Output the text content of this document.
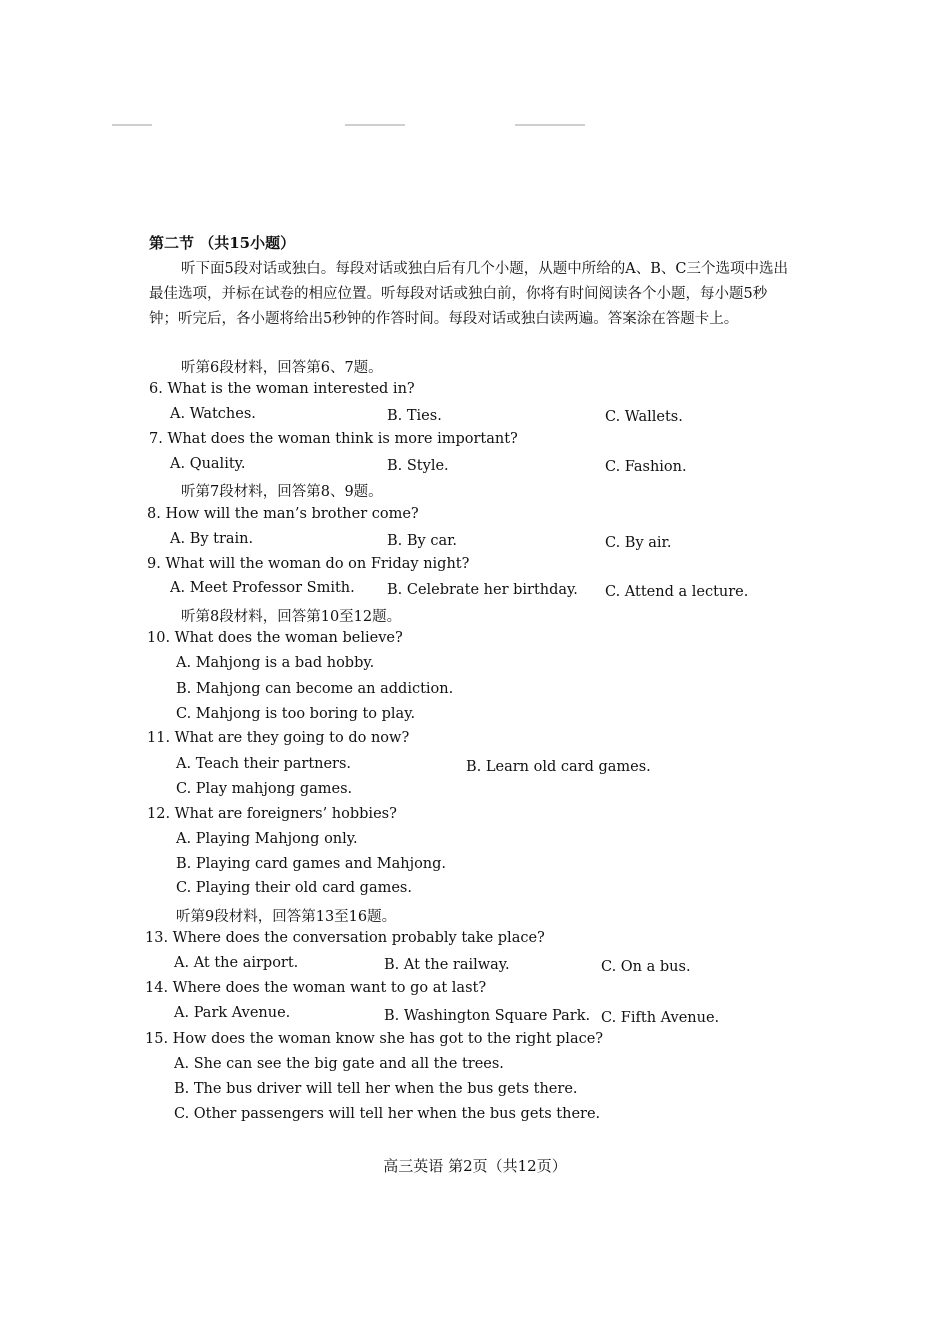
第二节 （共15小题）
听下面5段对话或独白。每段对话或独白后有几个小题，从题中所给的A、B、C三个选项中选出最佳选项，并标在试卷的相应位置。听每段对话或独白前，你将有时间阅读各个小题，每小题5秒钟；听完后，各小题将给出5秒钟的作答时间。每段对话或独白读两遍。答案涂在答题卡上。
听第6段材料，回答第6、7题。
6. What is the woman interested in?
A. Watches.	B. Ties.	C. Wallets.
7. What does the woman think is more important?
A. Quality.	B. Style.	C. Fashion.
听第7段材料，回答第8、9题。
8. How will the man’s brother come?
A. By train.	B. By car.	C. By air.
9. What will the woman do on Friday night?
A. Meet Professor Smith. B. Celebrate her birthday. C. Attend a lecture.
听第8段材料，回答第10至12题。
10. What does the woman believe?
A. Mahjong is a bad hobby.
B. Mahjong can become an addiction.
C. Mahjong is too boring to play.
11. What are they going to do now?
A. Teach their partners.	B. Learn old card games.
C. Play mahjong games.
12. What are foreigners’ hobbies?
A. Playing Mahjong only.
B. Playing card games and Mahjong.
C. Playing their old card games.
听第9段材料，回答第13至16题。
13. Where does the conversation probably take place?
A. At the airport.	B. At the railway.	C. On a bus.
14. Where does the woman want to go at last?
A. Park Avenue.	B. Washington Square Park. C. Fifth Avenue.
15. How does the woman know she has got to the right place?
A. She can see the big gate and all the trees.
B. The bus driver will tell her when the bus gets there.
C. Other passengers will tell her when the bus gets there.
高三英语 第2页（共12页）
